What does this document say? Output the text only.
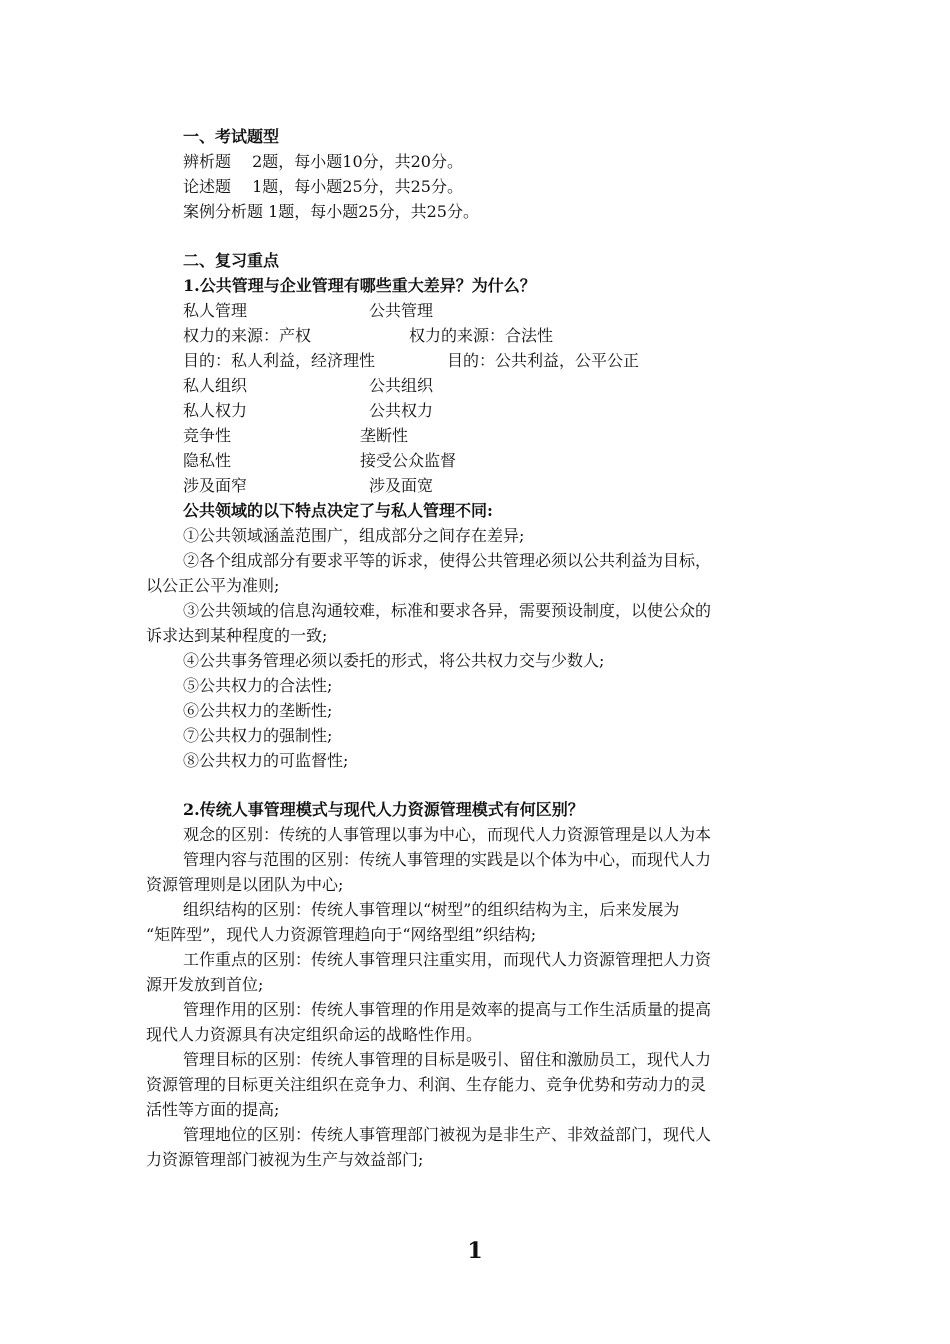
一、考试题型
辨析题　 2题，每小题10分，共20分。
论述题　 1题，每小题25分，共25分。
案例分析题 1题，每小题25分，共25分。
二、复习重点
1.公共管理与企业管理有哪些重大差异？为什么？
私人管理	公共管理
权力的来源：产权	权力的来源：合法性
目的：私人利益，经济理性	目的：公共利益，公平公正
私人组织	公共组织
私人权力	公共权力
竞争性	垄断性
隐私性	接受公众监督
涉及面窄	涉及面宽
公共领域的以下特点决定了与私人管理不同:
①公共领域涵盖范围广，组成部分之间存在差异;
②各个组成部分有要求平等的诉求，使得公共管理必须以公共利益为目标，
以公正公平为准则;
③公共领域的信息沟通较难，标准和要求各异，需要预设制度，以使公众的
诉求达到某种程度的一致;
④公共事务管理必须以委托的形式，将公共权力交与少数人;
⑤公共权力的合法性;
⑥公共权力的垄断性;
⑦公共权力的强制性;
⑧公共权力的可监督性;
2.传统人事管理模式与现代人力资源管理模式有何区别？
观念的区别：传统的人事管理以事为中心，而现代人力资源管理是以人为本
管理内容与范围的区别：传统人事管理的实践是以个体为中心，而现代人力
资源管理则是以团队为中心;
组织结构的区别：传统人事管理以“树型”的组织结构为主，后来发展为
“矩阵型”，现代人力资源管理趋向于“网络型组”织结构;
工作重点的区别：传统人事管理只注重实用，而现代人力资源管理把人力资
源开发放到首位;
管理作用的区别：传统人事管理的作用是效率的提高与工作生活质量的提高
现代人力资源具有决定组织命运的战略性作用。
管理目标的区别：传统人事管理的目标是吸引、留住和激励员工，现代人力
资源管理的目标更关注组织在竞争力、利润、生存能力、竞争优势和劳动力的灵
活性等方面的提高;
管理地位的区别：传统人事管理部门被视为是非生产、非效益部门，现代人
力资源管理部门被视为生产与效益部门;
1
